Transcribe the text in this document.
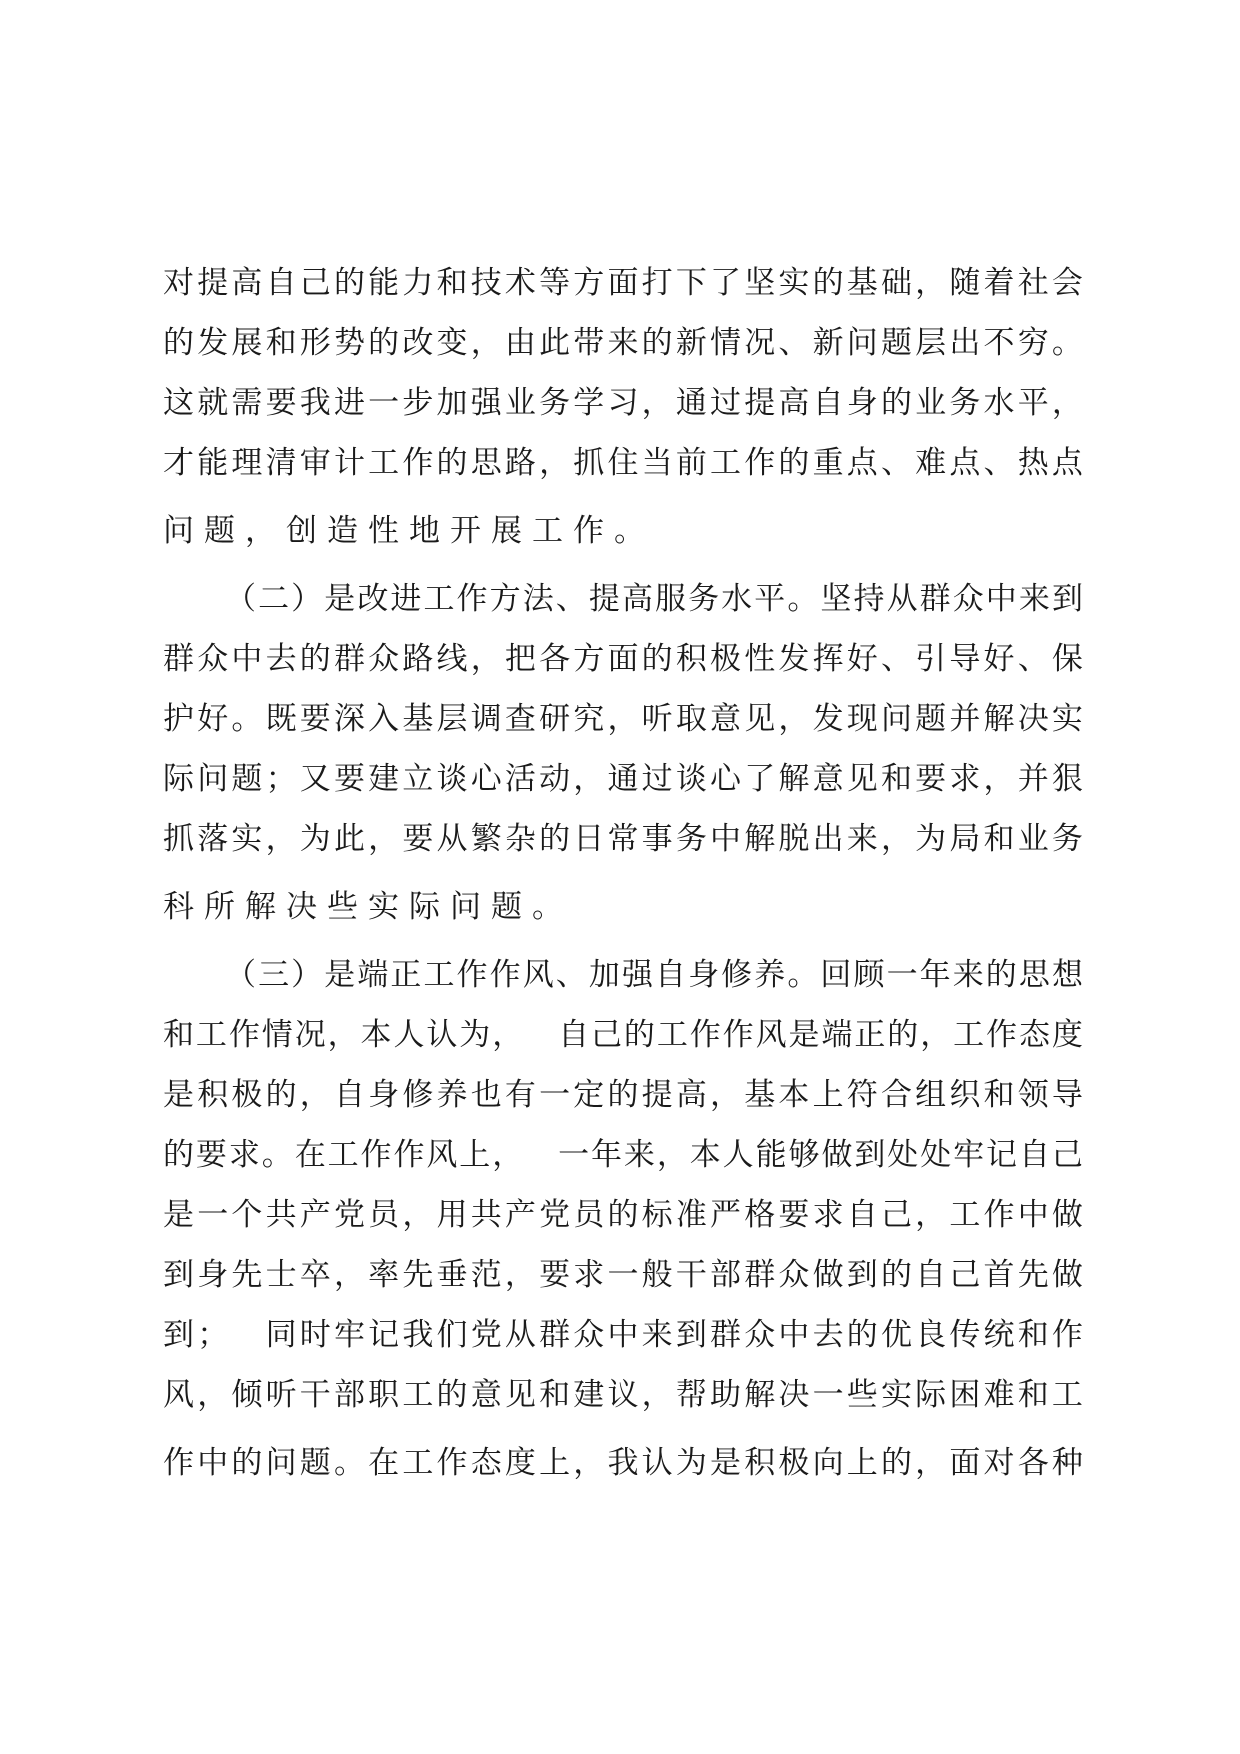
对 提 高 自 己 的 能 力 和 技 术 等 方 面 打 下 了 坚 实 的 基 础 ， 随 着 社 会
的 发 展 和 形 势 的 改 变 ， 由 此 带 来 的 新 情 况 、 新 问 题 层 出 不 穷 。
这 就 需 要 我 进 一 步 加 强 业 务 学 习 ， 通 过 提 高 自 身 的 业 务 水 平 ，
才 能 理 清 审 计 工 作 的 思 路 ， 抓 住 当 前 工 作 的 重 点 、 难 点 、 热 点
问题，创造性地开展工作。
（ 二 ） 是 改 进 工 作 方 法 、 提 高 服 务 水 平 。 坚 持 从 群 众 中 来 到
群 众 中 去 的 群 众 路 线 ， 把 各 方 面 的 积 极 性 发 挥 好 、 引 导 好 、 保
护 好 。 既 要 深 入 基 层 调 查 研 究 ， 听 取 意 见 ， 发 现 问 题 并 解 决 实
际 问 题 ； 又 要 建 立 谈 心 活 动 ， 通 过 谈 心 了 解 意 见 和 要 求 ， 并 狠
抓 落 实 ， 为 此 ， 要 从 繁 杂 的 日 常 事 务 中 解 脱 出 来 ， 为 局 和 业 务
科所解决些实际问题。
（ 三 ） 是 端 正 工 作 作 风 、 加 强 自 身 修 养 。 回 顾 一 年 来 的 思 想
和 工 作 情 况 ， 本 人 认 为 ，
　 自 己 的 工 作 作 风 是 端 正 的 ， 工 作 态 度
是 积 极 的 ， 自 身 修 养 也 有 一 定 的 提 高 ， 基 本 上 符 合 组 织 和 领 导
的 要 求 。 在 工 作 作 风 上 ，
　 一 年 来 ， 本 人 能 够 做 到 处 处 牢 记 自 己
是 一 个 共 产 党 员 ， 用 共 产 党 员 的 标 准 严 格 要 求 自 己 ， 工 作 中 做
到 身 先 士 卒 ， 率 先 垂 范 ， 要 求 一 般 干 部 群 众 做 到 的 自 己 首 先 做
到 ；
　 同 时 牢 记 我 们 党 从 群 众 中 来 到 群 众 中 去 的 优 良 传 统 和 作
风 ， 倾 听 干 部 职 工 的 意 见 和 建 议 ， 帮 助 解 决 一 些 实 际 困 难 和 工
作 中 的 问 题 。 在 工 作 态 度 上 ， 我 认 为 是 积 极 向 上 的 ， 面 对 各 种
